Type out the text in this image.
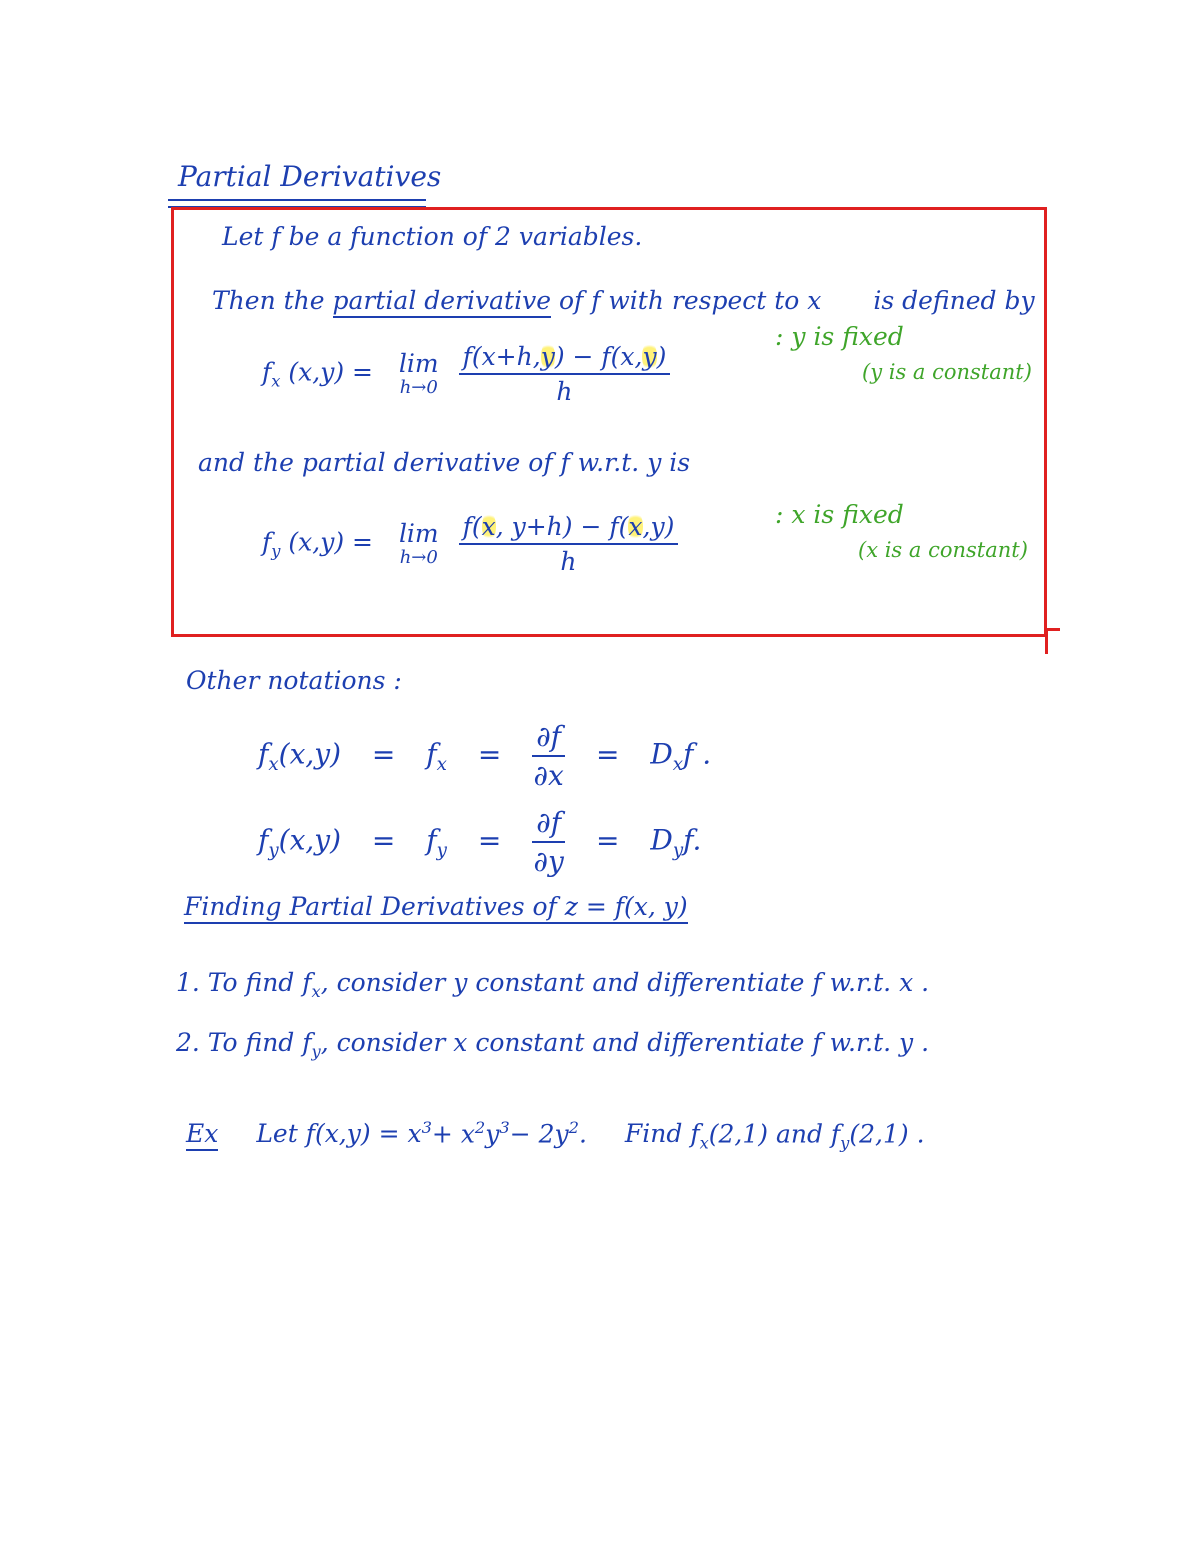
Partial Derivatives
Let f be a function of 2 variables.
Then the partial derivative of f with respect to x is defined by
$f_x$ (x,y) = lim
h→0
$\frac{f(x+h,y) - f(x,y)}{h}$
: y is fixed
(y is a constant)
and the partial derivative of f w.r.t. y is
$f_y$ (x,y) = lim
h→0
$\frac{f(x, y+h) - f(x,y)}{h}$	: x is fixed
(x is a constant)
Other notations :
$f_x(x,y) = f_x = \frac{\partial f}{\partial x} = D_xf$ .
$f_y(x,y) = f_y = \frac{\partial f}{\partial y} = D_yf$.
Finding Partial Derivatives of z = f(x, y)
1. To find $f_x$, consider y constant and differentiate f w.r.t. x .
2. To find $f_y$, consider x constant and differentiate f w.r.t. y .
Ex Let $f(x,y) = x^3+ x^2y^3- 2y^2$. Find $f_x(2,1)$ and $f_y(2,1)$ .
